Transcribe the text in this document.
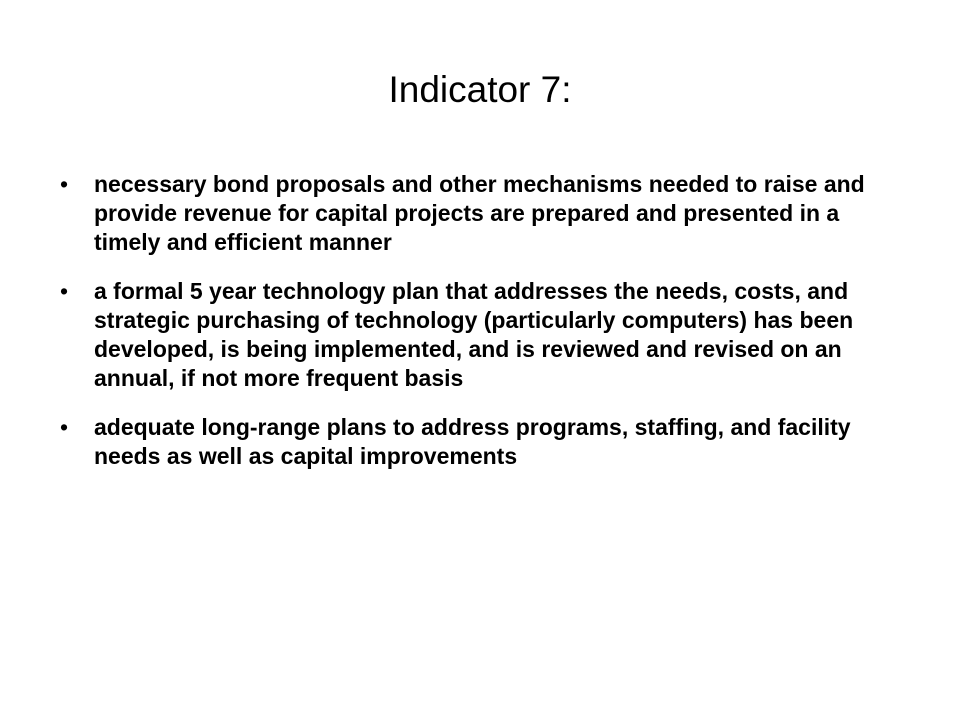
Indicator 7:
• necessary bond proposals and other mechanisms needed to raise and provide revenue for capital projects are prepared and presented in a timely and efficient manner
• a formal 5 year technology plan that addresses the needs, costs, and strategic purchasing of technology (particularly computers) has been developed, is being implemented, and is reviewed and revised on an annual, if not more frequent basis
• adequate long-range plans to address programs, staffing, and facility needs as well as capital improvements
